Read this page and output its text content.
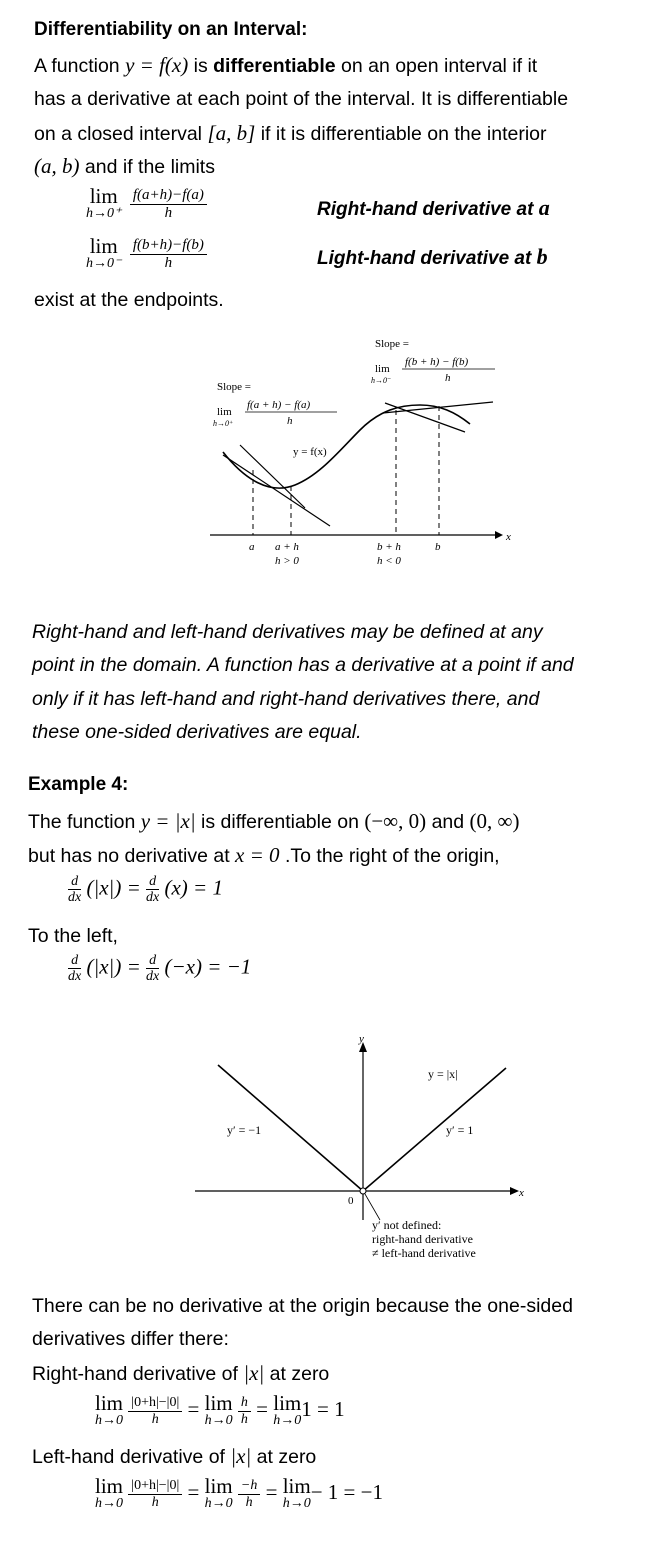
Differentiability on an Interval:
A function y = f(x) is differentiable on an open interval if it
has a derivative at each point of the interval. It is differentiable
on a closed interval [a, b] if it is differentiable on the interior
(a, b) and if the limits
lim
h→0⁺
$\frac{f(a+h)-f(a)}{h}$	Right-hand derivative at a
lim
h→0⁻
$\frac{f(b+h)-f(b)}{h}$	Light-hand derivative at b
exist at the endpoints.
x
a a + h
h > 0
b + h
h < 0
b
y = f(x)
Slope =
lim
h→0⁺
f(a + h) − f(a)
h
Slope =
lim
h→0⁻
f(b + h) − f(b)
h
Right-hand and left-hand derivatives may be defined at any
point in the domain. A function has a derivative at a point if and
only if it has left-hand and right-hand derivatives there, and
these one-sided derivatives are equal.
Example 4:
The function y = |x| is differentiable on (−∞, 0) and (0, ∞)
but has no derivative at x = 0 .To the right of the origin,
$\frac{d}{dx} (|x|) = \frac{d}{dx} (x) = 1$
To the left,
$\frac{d}{dx} (|x|) = \frac{d}{dx} (-x) = -1$
x
y
0
y = |x|
y′ = −1	y′ = 1
y′ not defined:
right-hand derivative
≠ left-hand derivative
There can be no derivative at the origin because the one-sided
derivatives differ there:
Right-hand derivative of |x| at zero
lim
h→0
$\frac{|0+h|-|0|}{h} = \lim$
h→0
$\frac{h}{h} = \lim$
h→0 1 = 1
Left-hand derivative of |x| at zero
lim
h→0
$\frac{|0+h|-|0|}{h} = \lim$
h→0
$\frac{-h}{h} = \lim$
h→0 − 1 = −1
